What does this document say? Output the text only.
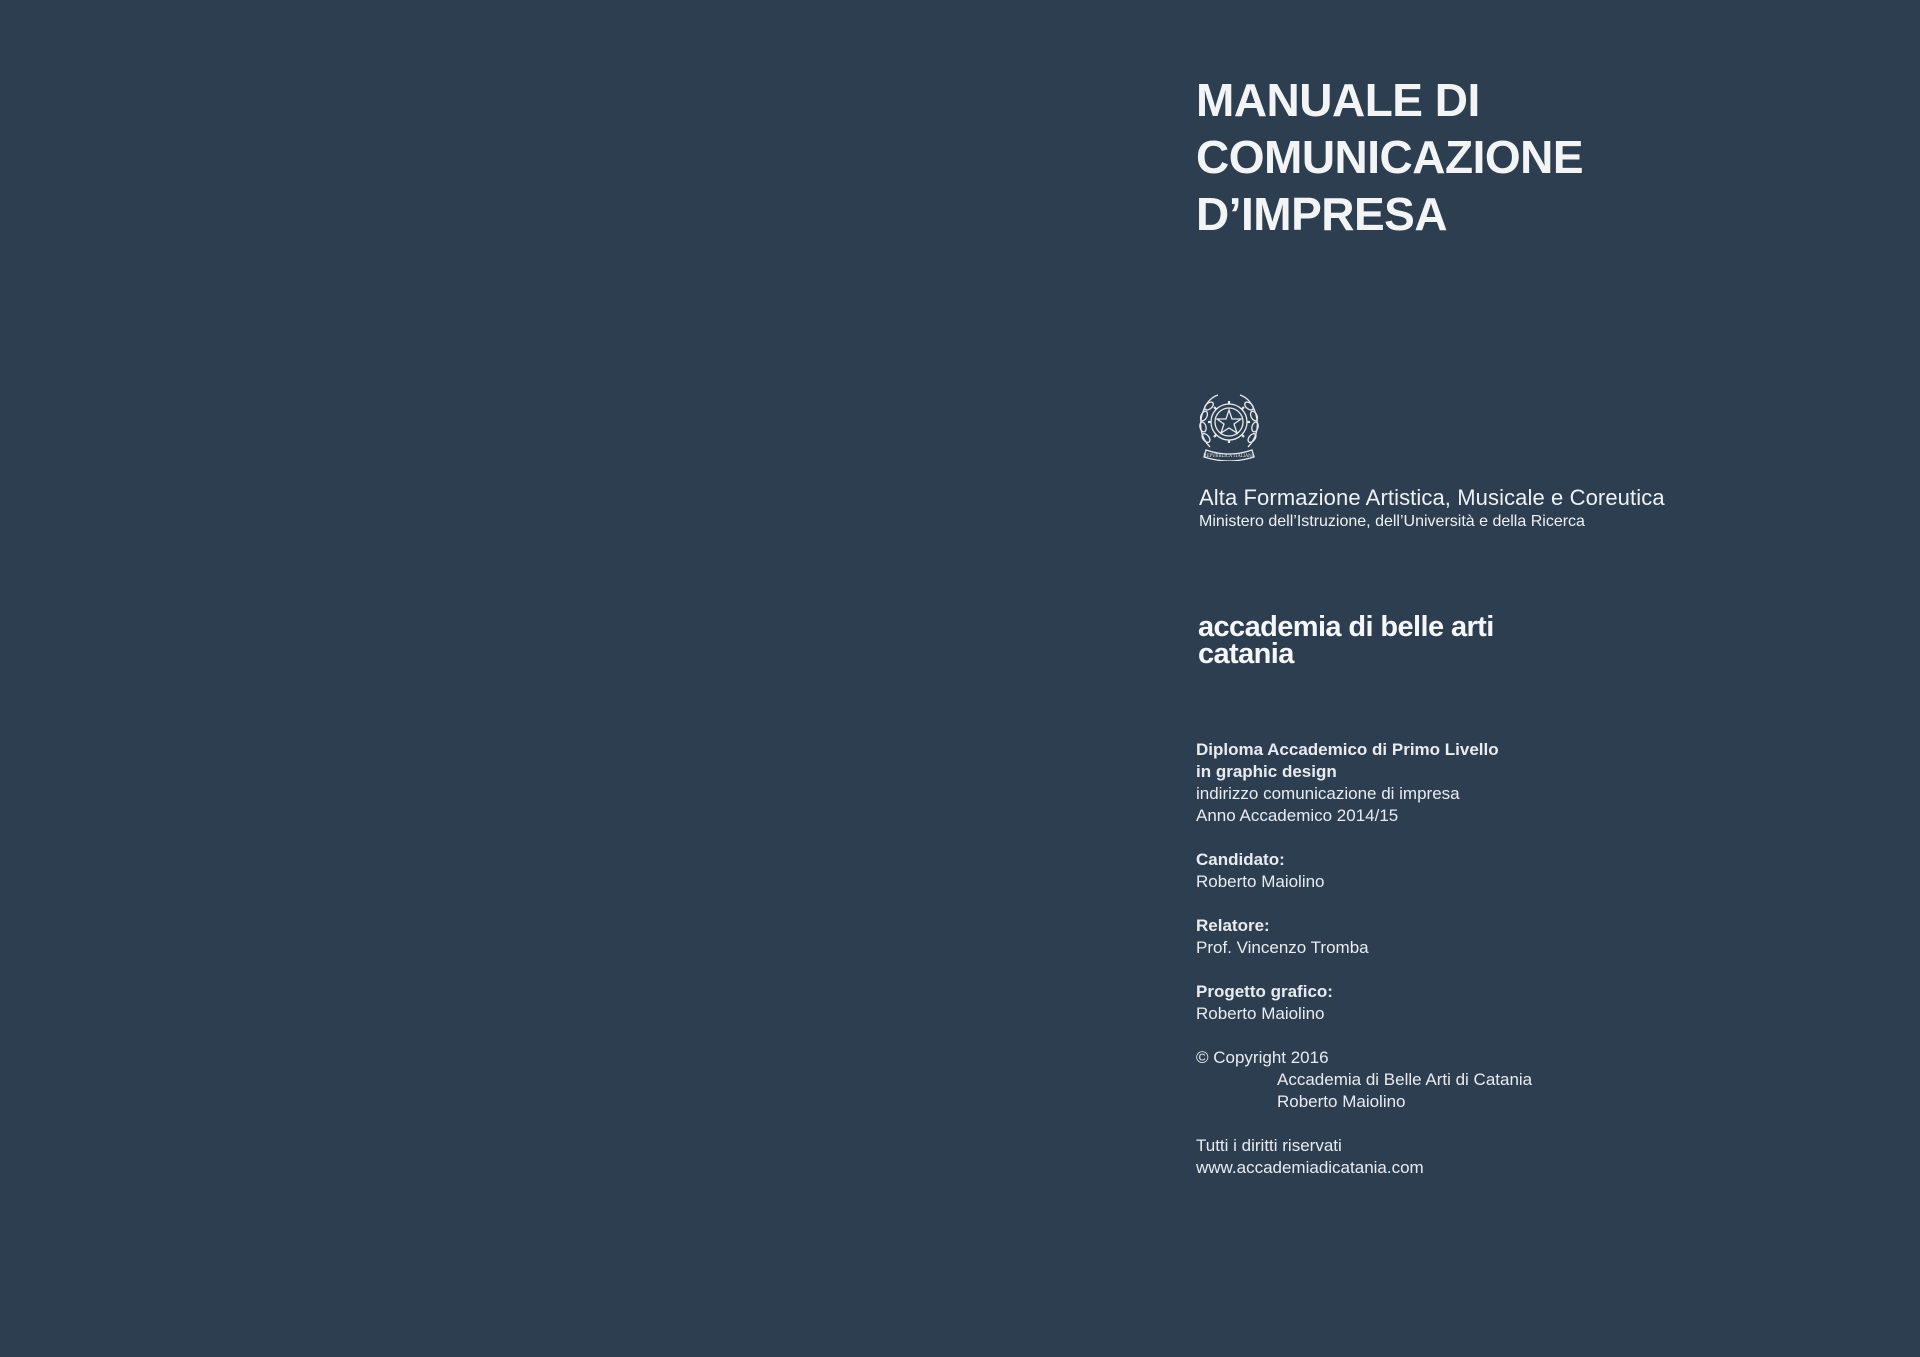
MANUALE DI
COMUNICAZIONE
D’IMPRESA
REPVBBLICA ITALIANA
Alta Formazione Artistica, Musicale e Coreutica
Ministero dell’Istruzione, dell’Università e della Ricerca
accademia di belle arti
catania
Diploma Accademico di Primo Livello
in graphic design
indirizzo comunicazione di impresa
Anno Accademico 2014/15
Candidato:
Roberto Maiolino
Relatore:
Prof. Vincenzo Tromba
Progetto grafico:
Roberto Maiolino
© Copyright 2016
Accademia di Belle Arti di Catania
Roberto Maiolino
Tutti i diritti riservati
www.accademiadicatania.com
